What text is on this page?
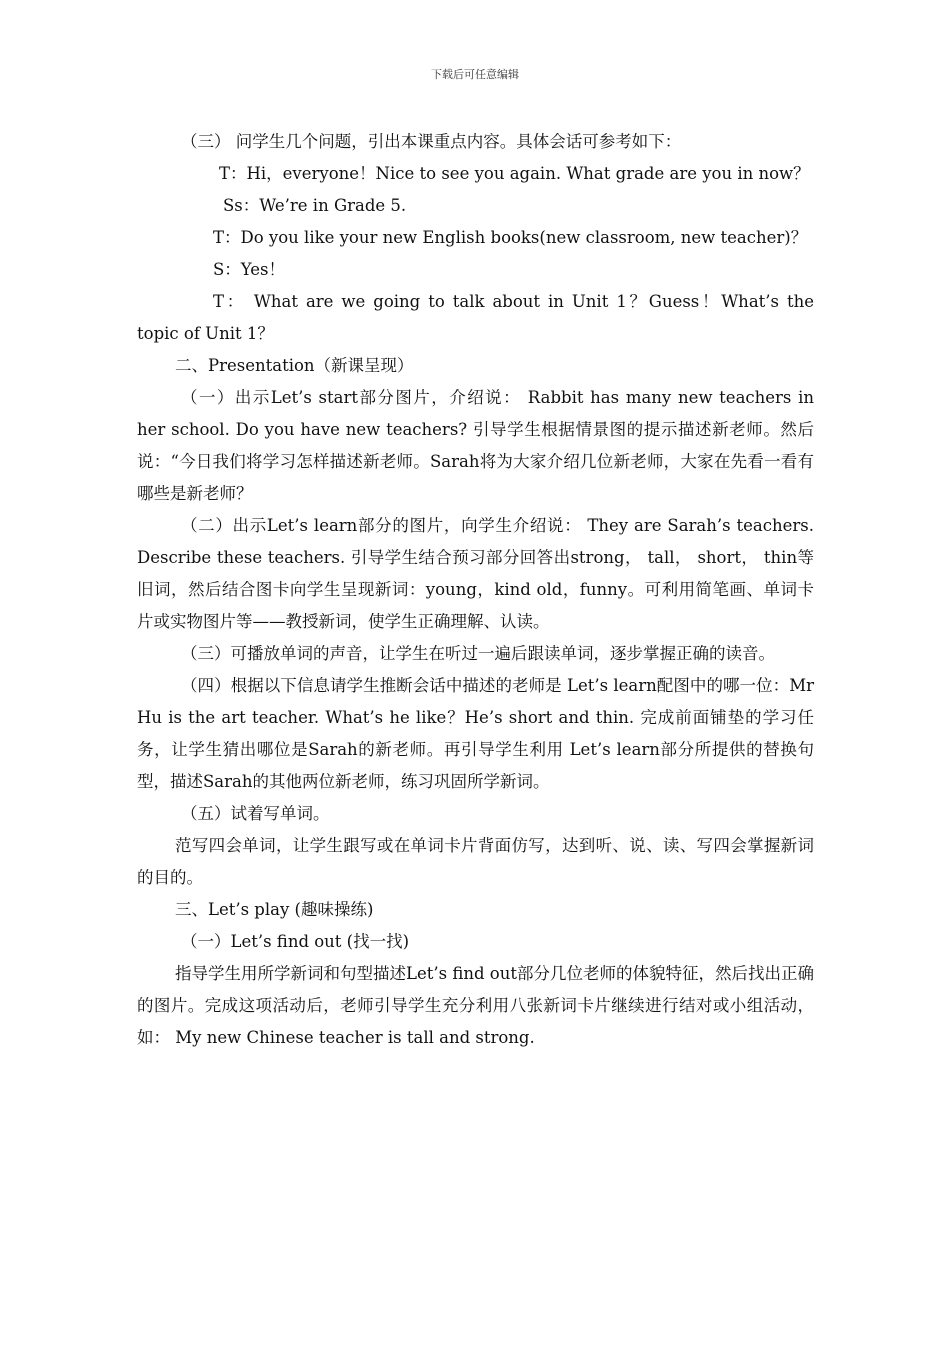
下载后可任意编辑

（三） 问学生几个问题，引出本课重点内容。具体会话可参考如下：

T：Hi，everyone！Nice to see you again. What grade are you in now？

Ss：We’re in Grade 5.

T：Do you like your new English books(new classroom, new teacher)？

S：Yes！

T： What are we going to talk about in Unit 1？Guess！What’s the topic of Unit 1？

二、Presentation（新课呈现）

（一）出示Let’s start部分图片，介绍说： Rabbit has many new teachers in her school. Do you have new teachers? 引导学生根据情景图的提示描述新老师。然后说：“今日我们将学习怎样描述新老师。Sarah将为大家介绍几位新老师，大家在先看一看有哪些是新老师？

（二）出示Let’s learn部分的图片，向学生介绍说： They are Sarah’s teachers. Describe these teachers. 引导学生结合预习部分回答出strong， tall， short， thin等旧词，然后结合图卡向学生呈现新词：young，kind old，funny。可利用简笔画、单词卡片或实物图片等——教授新词，使学生正确理解、认读。

（三）可播放单词的声音，让学生在听过一遍后跟读单词，逐步掌握正确的读音。

（四）根据以下信息请学生推断会话中描述的老师是 Let’s learn配图中的哪一位：Mr Hu is the art teacher. What’s he like？He’s short and thin. 完成前面铺垫的学习任务，让学生猜出哪位是Sarah的新老师。再引导学生利用 Let’s learn部分所提供的替换句型，描述Sarah的其他两位新老师，练习巩固所学新词。

（五）试着写单词。

范写四会单词，让学生跟写或在单词卡片背面仿写，达到听、说、读、写四会掌握新词的目的。

三、Let’s play (趣味操练)

（一）Let’s find out (找一找)

指导学生用所学新词和句型描述Let’s find out部分几位老师的体貌特征，然后找出正确的图片。完成这项活动后，老师引导学生充分利用八张新词卡片继续进行结对或小组活动，如： My new Chinese teacher is tall and strong.
